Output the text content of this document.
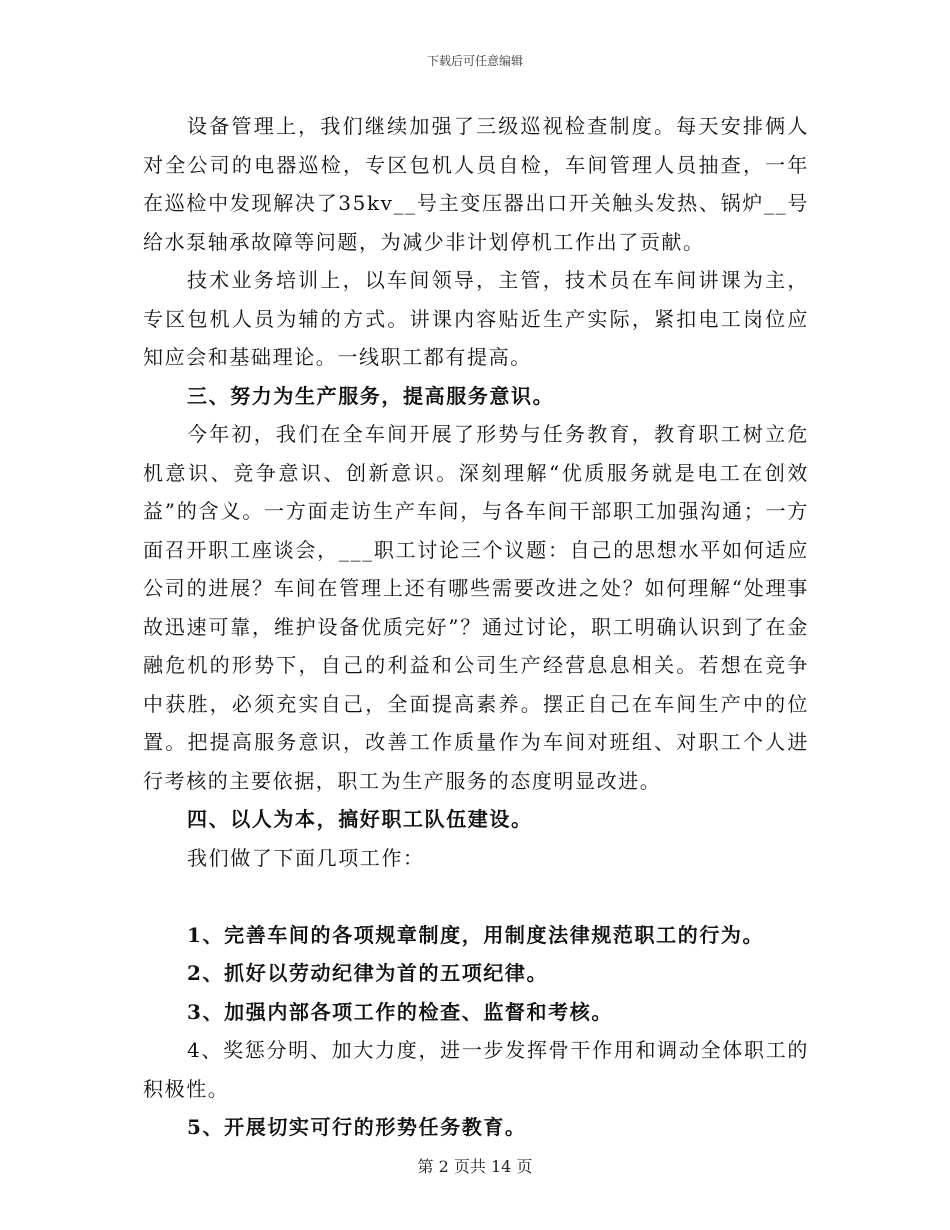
下载后可任意编辑

设备管理上，我们继续加强了三级巡视检查制度。每天安排俩人对全公司的电器巡检，专区包机人员自检，车间管理人员抽查，一年在巡检中发现解决了35kv__号主变压器出口开关触头发热、锅炉__号给水泵轴承故障等问题，为减少非计划停机工作出了贡献。

技术业务培训上，以车间领导，主管，技术员在车间讲课为主，专区包机人员为辅的方式。讲课内容贴近生产实际，紧扣电工岗位应知应会和基础理论。一线职工都有提高。

三、努力为生产服务，提高服务意识。

今年初，我们在全车间开展了形势与任务教育，教育职工树立危机意识、竞争意识、创新意识。深刻理解“优质服务就是电工在创效益”的含义。一方面走访生产车间，与各车间干部职工加强沟通；一方面召开职工座谈会，___职工讨论三个议题：自己的思想水平如何适应公司的进展？车间在管理上还有哪些需要改进之处？如何理解“处理事故迅速可靠，维护设备优质完好”？通过讨论，职工明确认识到了在金融危机的形势下，自己的利益和公司生产经营息息相关。若想在竞争中获胜，必须充实自己，全面提高素养。摆正自己在车间生产中的位置。把提高服务意识，改善工作质量作为车间对班组、对职工个人进行考核的主要依据，职工为生产服务的态度明显改进。

四、以人为本，搞好职工队伍建设。

我们做了下面几项工作：

1、完善车间的各项规章制度，用制度法律规范职工的行为。

2、抓好以劳动纪律为首的五项纪律。

3、加强内部各项工作的检查、监督和考核。

4、奖惩分明、加大力度，进一步发挥骨干作用和调动全体职工的积极性。

5、开展切实可行的形势任务教育。

第 2 页共 14 页
